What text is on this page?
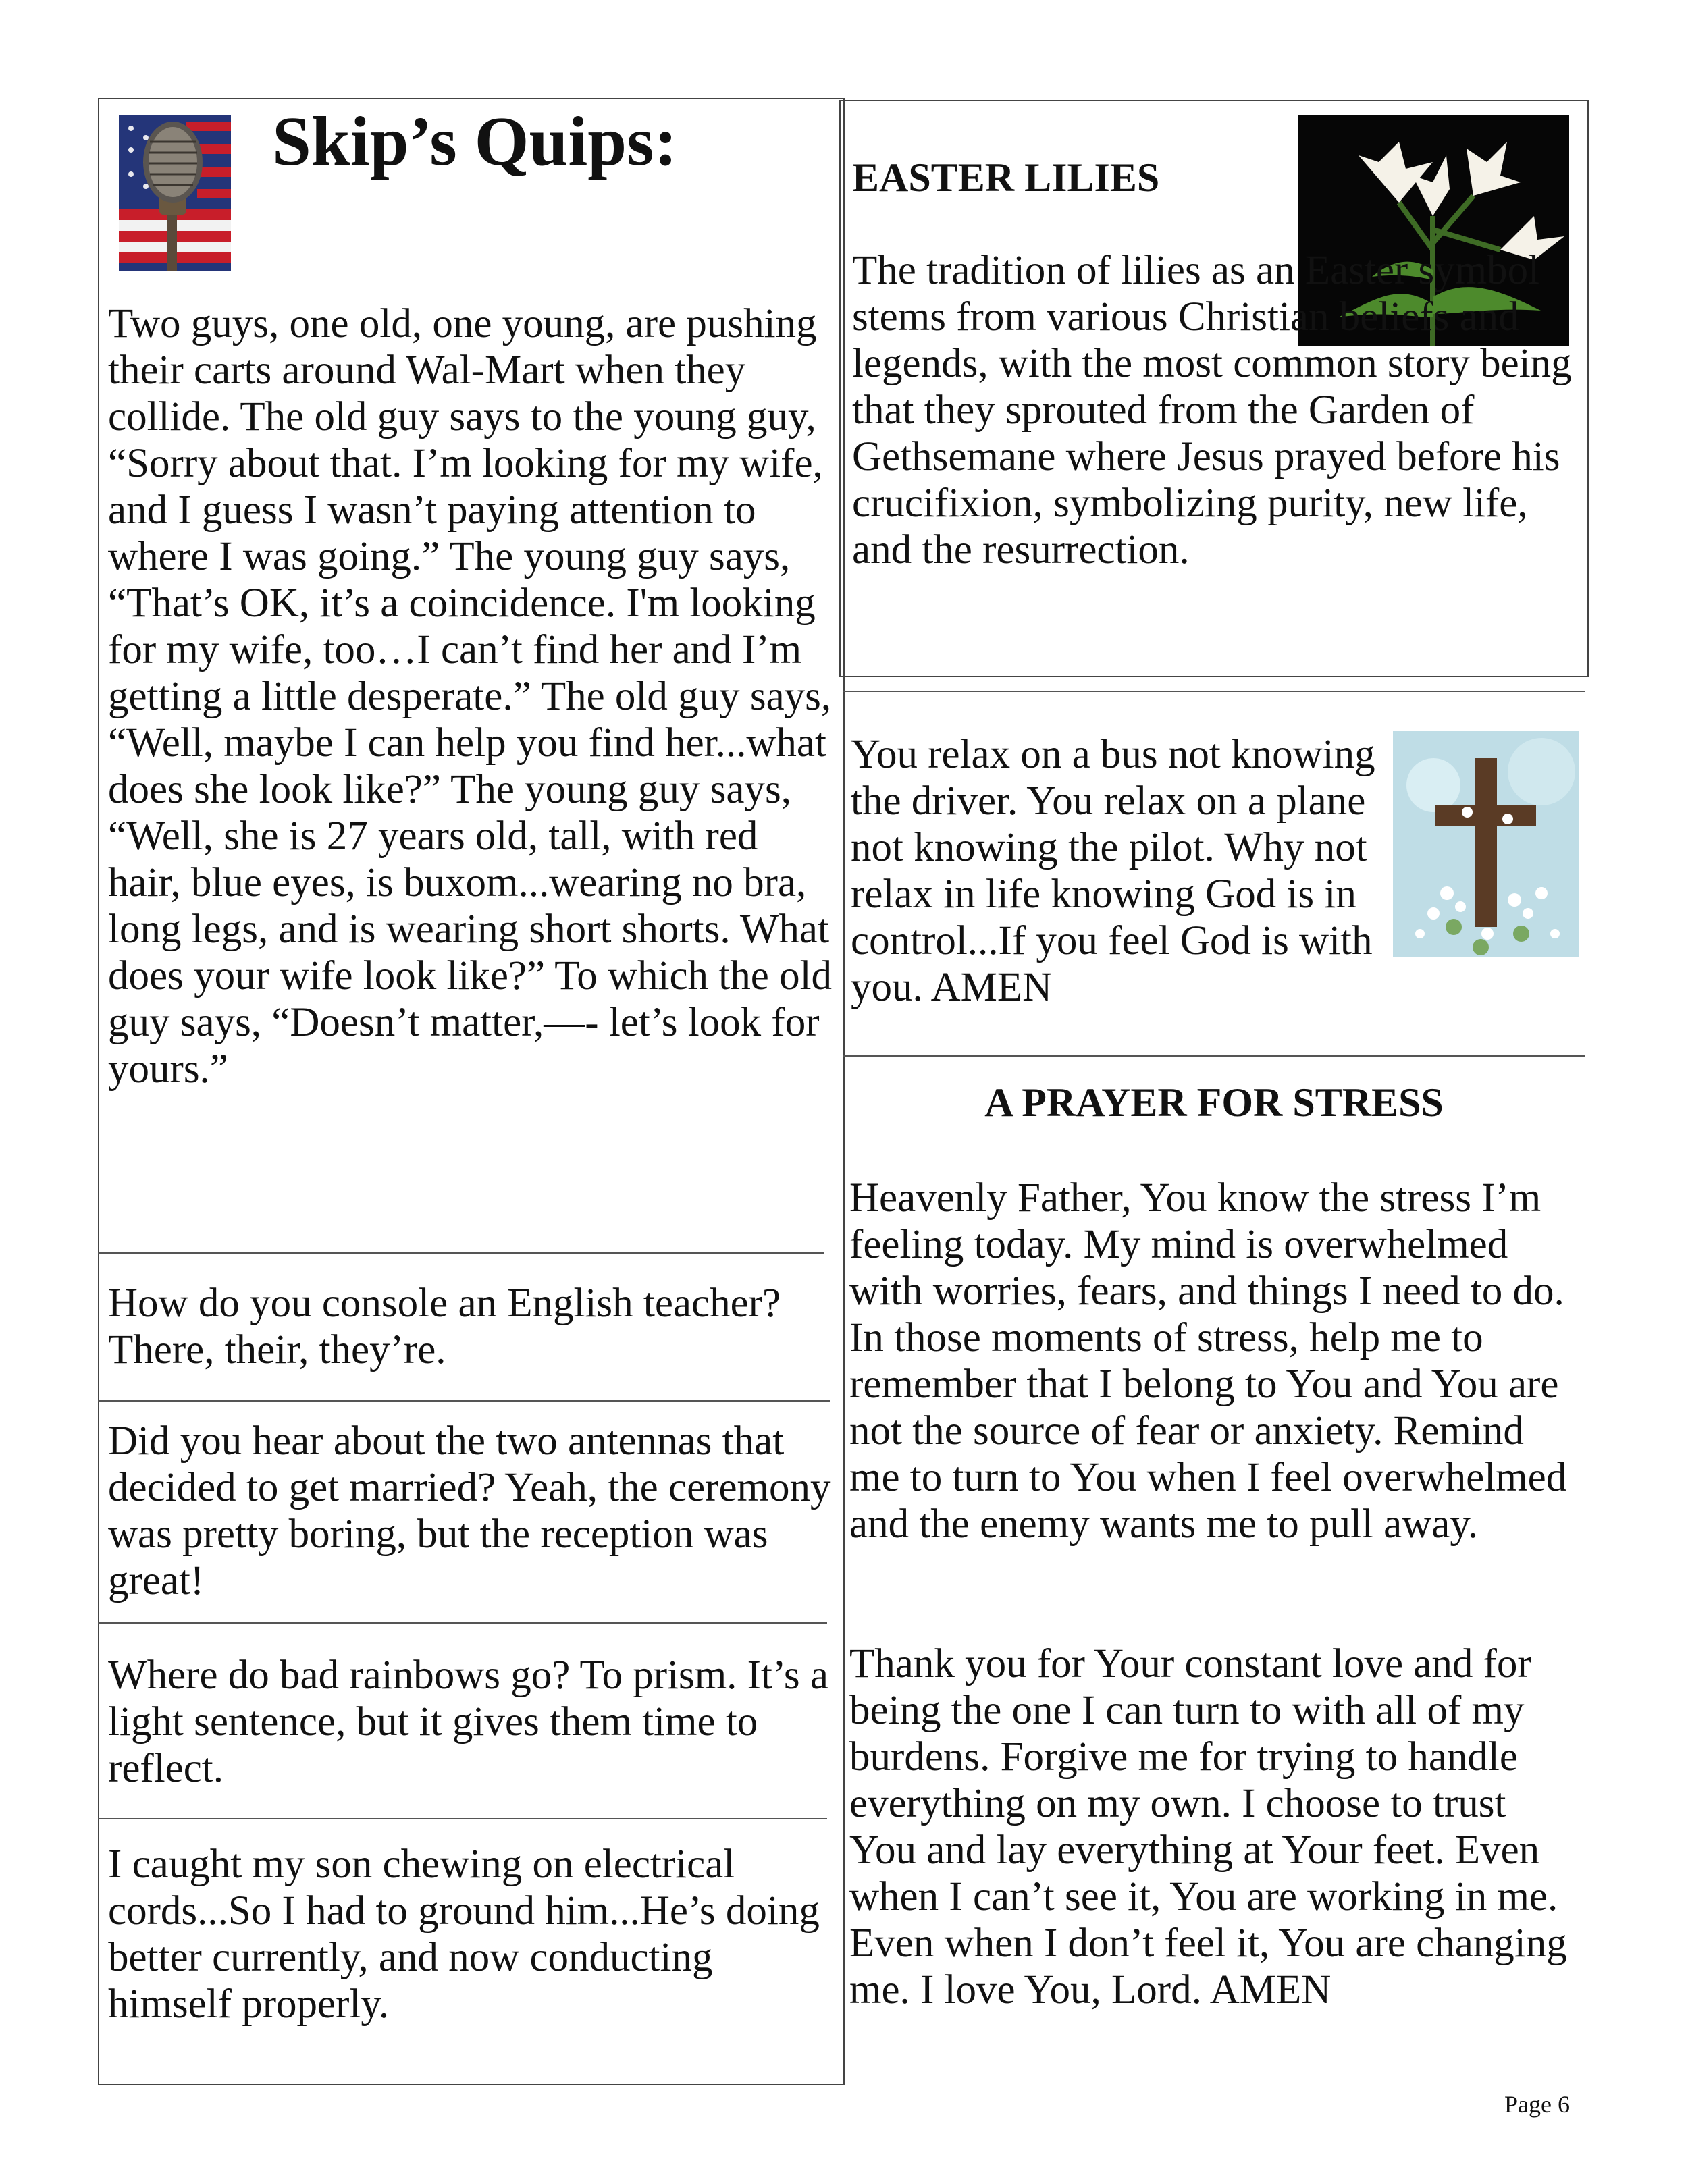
Skip’s Quips:

Two guys, one old, one young, are pushing their carts around Wal-Mart when they collide. The old guy says to the young guy, “Sorry about that. I’m looking for my wife, and I guess I wasn’t paying attention to where I was going.” The young guy says, “That’s OK, it’s a coincidence. I'm looking for my wife, too…I can’t find her and I’m getting a little desperate.” The old guy says, “Well, maybe I can help you find her...what does she look like?” The young guy says, “Well, she is 27 years old, tall, with red hair, blue eyes, is buxom...wearing no bra, long legs, and is wearing short shorts. What does your wife look like?” To which the old guy says, “Doesn’t matter,—- let’s look for yours.”

How do you console an English teacher? There, their, they’re.

Did you hear about the two antennas that decided to get married? Yeah, the ceremony was pretty boring, but the reception was great!

Where do bad rainbows go? To prism. It’s a light sentence, but it gives them time to reflect.

I caught my son chewing on electrical cords...So I had to ground him...He’s doing better currently, and now conducting himself properly.

EASTER LILIES

The tradition of lilies as an Easter symbol stems from various Christian beliefs and legends, with the most common story being that they sprouted from the Garden of Gethsemane where Jesus prayed before his crucifixion, symbolizing purity, new life, and the resurrection.

You relax on a bus not knowing the driver. You relax on a plane not knowing the pilot. Why not relax in life knowing God is in control...If you feel God is with you. AMEN

A PRAYER FOR STRESS

Heavenly Father, You know the stress I’m feeling today. My mind is overwhelmed with worries, fears, and things I need to do. In those moments of stress, help me to remember that I belong to You and You are not the source of fear or anxiety. Remind me to turn to You when I feel overwhelmed and the enemy wants me to pull away.

Thank you for Your constant love and for being the one I can turn to with all of my burdens. Forgive me for trying to handle everything on my own. I choose to trust You and lay everything at Your feet. Even when I can’t see it, You are working in me. Even when I don’t feel it, You are changing me. I love You, Lord. AMEN

Page 6
